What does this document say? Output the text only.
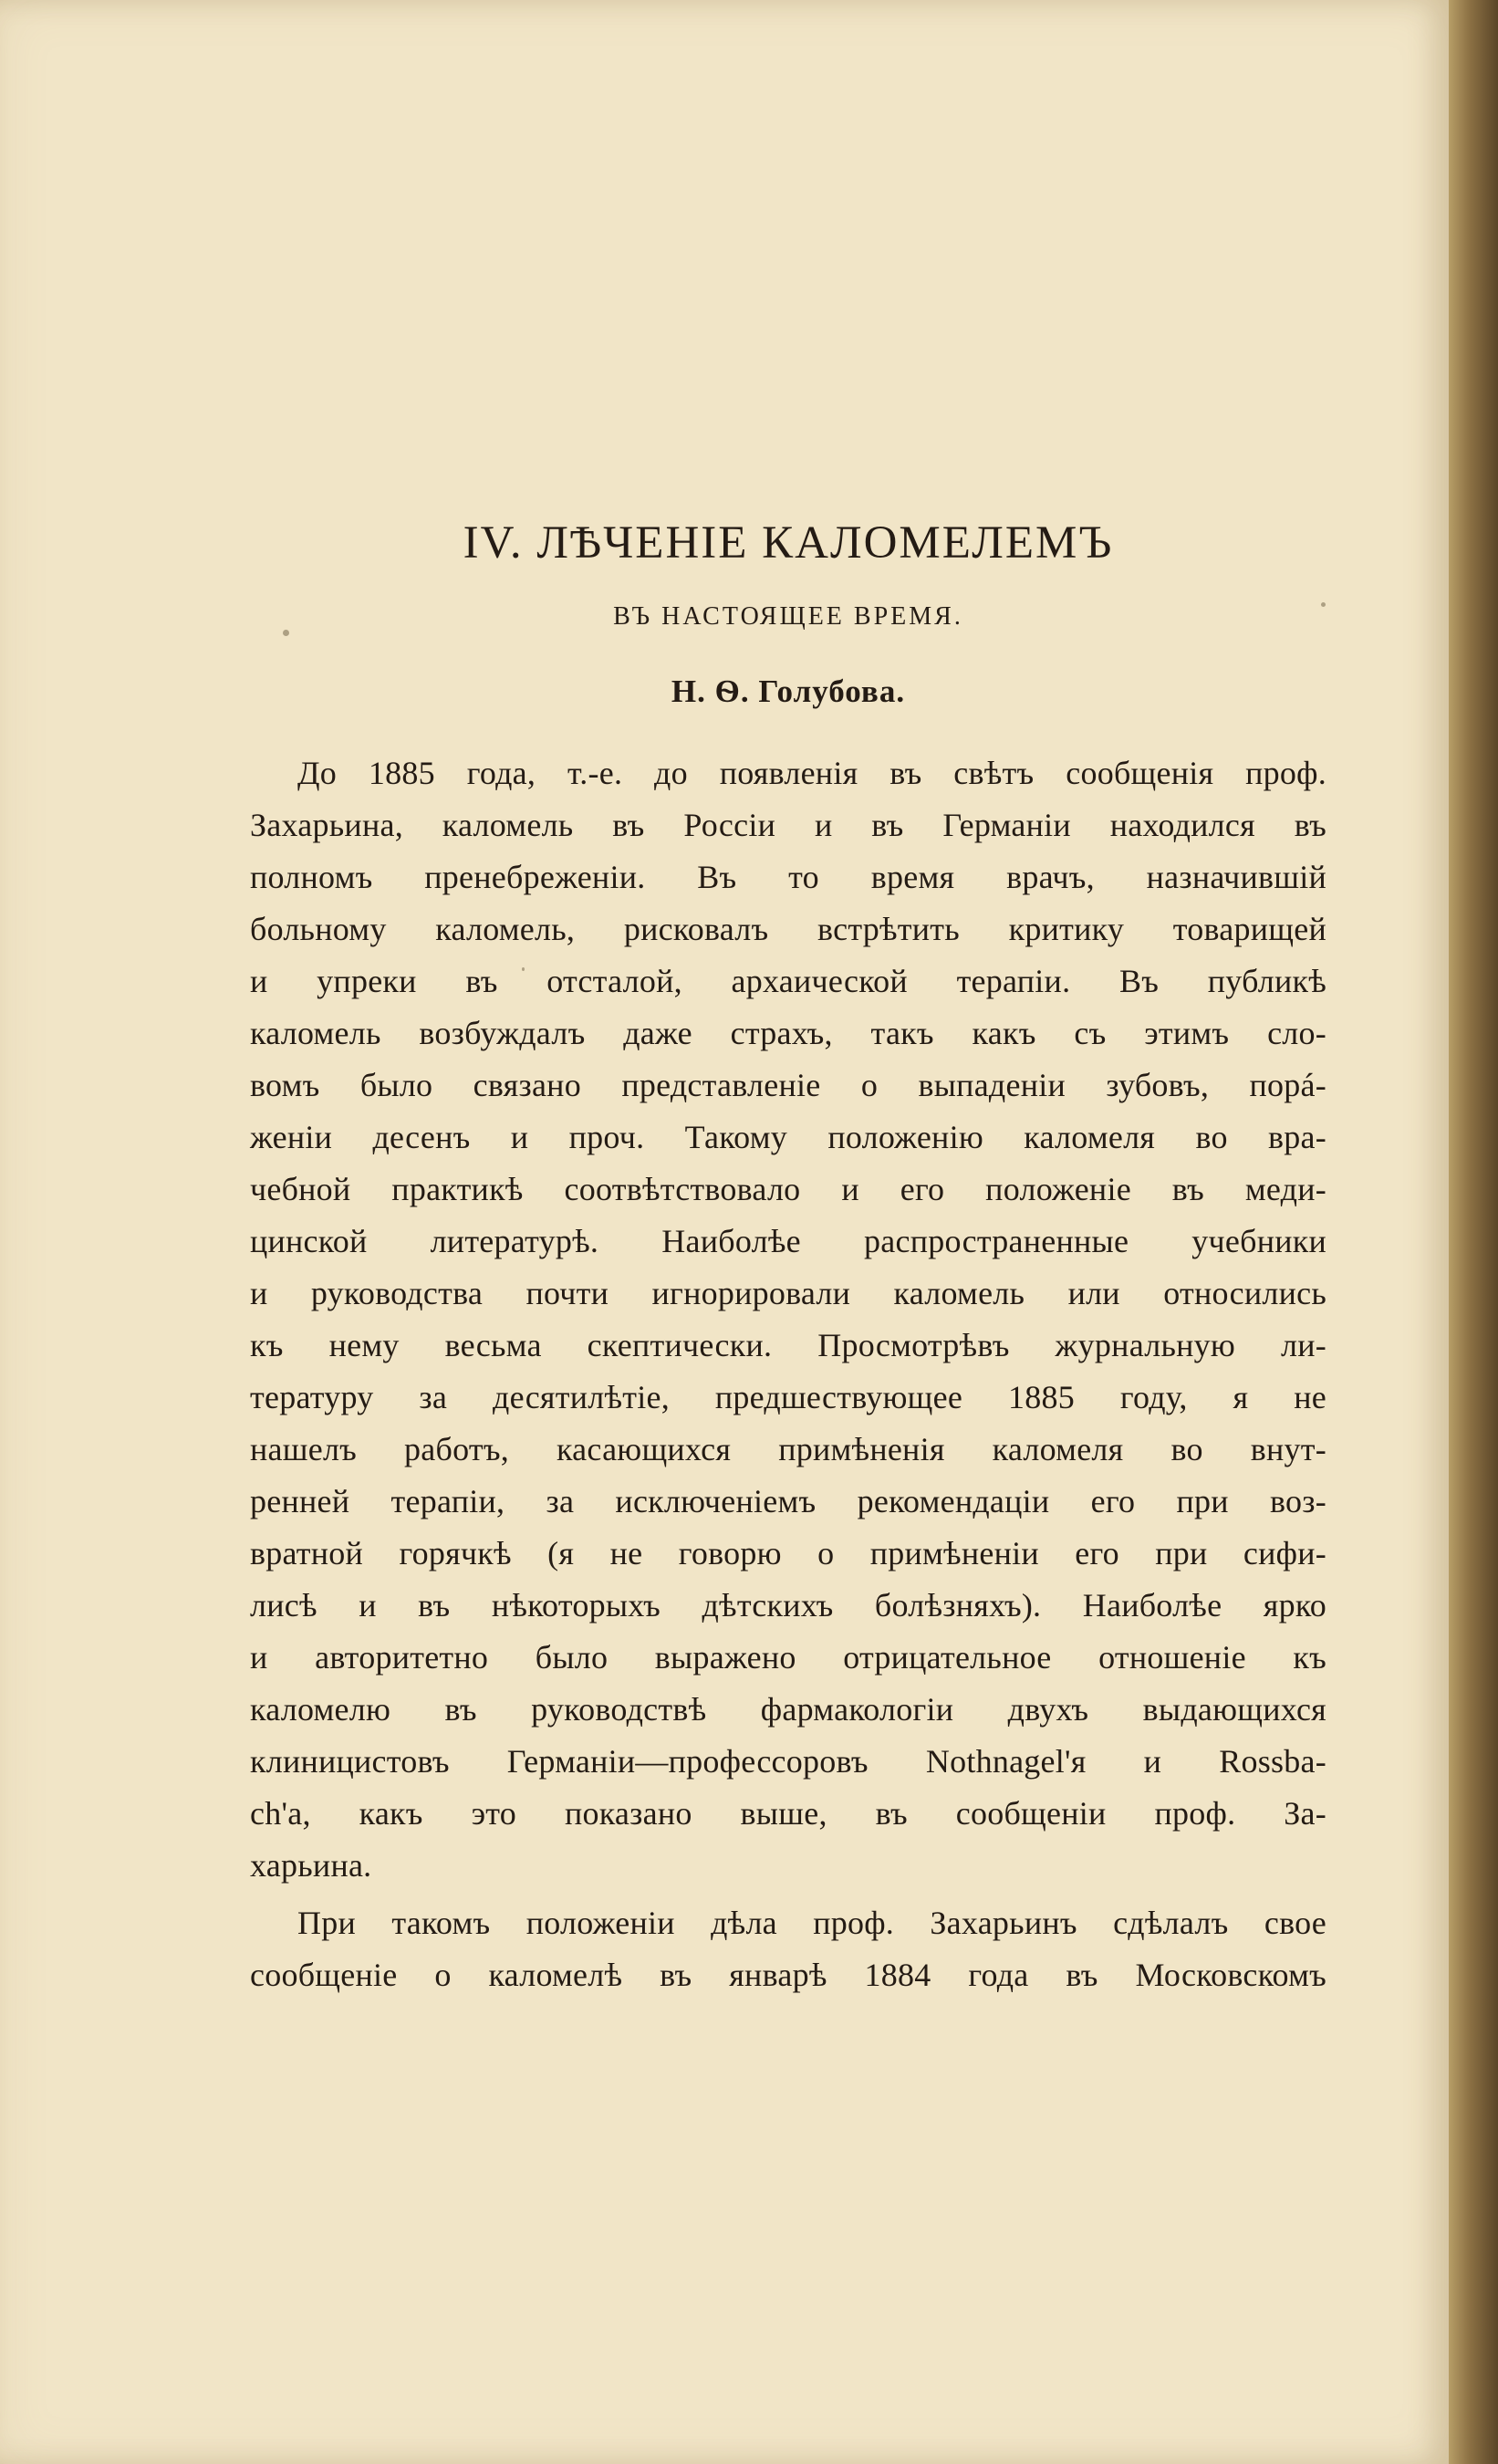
IV. ЛѢЧЕНІЕ КАЛОМЕЛЕМЪ
ВЪ НАСТОЯЩЕЕ ВРЕМЯ.
Н. Ѳ. Голубова.

До 1885 года, т.-е. до появленія въ свѣтъ сообщенія проф.
Захарьина, каломель въ Россіи и въ Германіи находился въ
полномъ пренебреженіи. Въ то время врачъ, назначившій
больному каломель, рисковалъ встрѣтить критику товарищей
и упреки въ отсталой, архаической терапіи. Въ публикѣ
каломель возбуждалъ даже страхъ, такъ какъ съ этимъ сло-
вомъ было связано представленіе о выпаденіи зубовъ, поpá-
женіи десенъ и проч. Такому положенію каломеля во вра-
чебной практикѣ соотвѣтствовало и его положеніе въ меди-
цинской литературѣ. Наиболѣе распространенные учебники
и руководства почти игнорировали каломель или относились
къ нему весьма скептически. Просмотрѣвъ журнальную ли-
тературу за десятилѣтіе, предшествующее 1885 году, я не
нашелъ работъ, касающихся примѣненія каломеля во внут-
ренней терапіи, за исключеніемъ рекомендаціи его при воз-
вратной горячкѣ (я не говорю о примѣненіи его при сифи-
лисѣ и въ нѣкоторыхъ дѣтскихъ болѣзняхъ). Наиболѣе ярко
и авторитетно было выражено отрицательное отношеніе къ
каломелю въ руководствѣ фармакологіи двухъ выдающихся
клиницистовъ Германіи—профессоровъ Nothnagel'я и Rossba-
ch'а, какъ это показано выше, въ сообщеніи проф. За-
харьина.

При такомъ положеніи дѣла проф. Захарьинъ сдѣлалъ свое
сообщеніе о каломелѣ въ январѣ 1884 года въ Московскомъ
